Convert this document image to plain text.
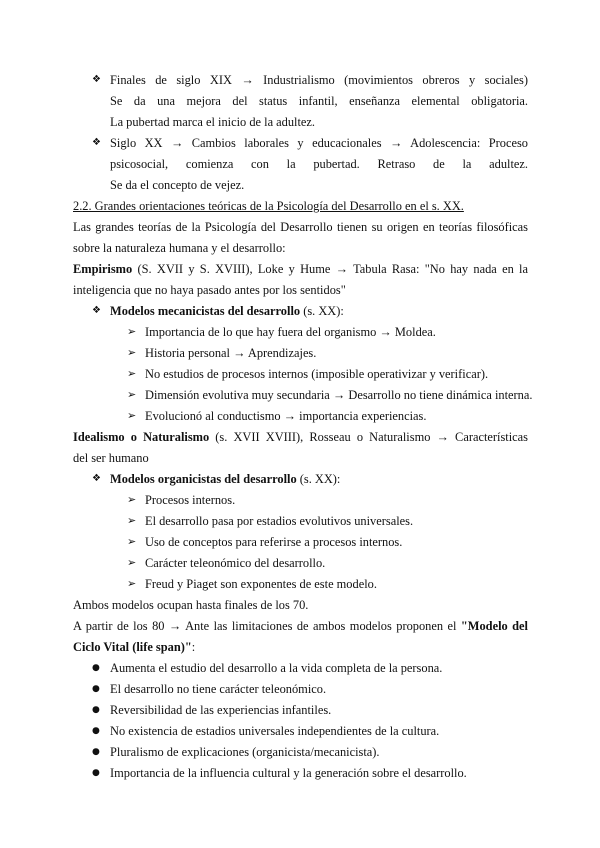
❖ Finales de siglo XIX → Industrialismo (movimientos obreros y sociales)
Se da una mejora del status infantil, enseñanza elemental obligatoria.
La pubertad marca el inicio de la adultez.
❖ Siglo XX → Cambios laborales y educacionales → Adolescencia: Proceso
psicosocial, comienza con la pubertad. Retraso de la adultez.
Se da el concepto de vejez.
2.2. Grandes orientaciones teóricas de la Psicología del Desarrollo en el s. XX.
Las grandes teorías de la Psicología del Desarrollo tienen su origen en teorías filosóficas
sobre la naturaleza humana y el desarrollo:
Empirismo (S. XVII y S. XVIII), Loke y Hume → Tabula Rasa: "No hay nada en la
inteligencia que no haya pasado antes por los sentidos"
❖ Modelos mecanicistas del desarrollo (s. XX):
➢ Importancia de lo que hay fuera del organismo → Moldea.
➢ Historia personal → Aprendizajes.
➢ No estudios de procesos internos (imposible operativizar y verificar).
➢ Dimensión evolutiva muy secundaria → Desarrollo no tiene dinámica interna.
➢ Evolucionó al conductismo → importancia experiencias.
Idealismo o Naturalismo (s. XVII XVIII), Rosseau o Naturalismo → Características
del ser humano
❖ Modelos organicistas del desarrollo (s. XX):
➢ Procesos internos.
➢ El desarrollo pasa por estadios evolutivos universales.
➢ Uso de conceptos para referirse a procesos internos.
➢ Carácter teleonómico del desarrollo.
➢ Freud y Piaget son exponentes de este modelo.
Ambos modelos ocupan hasta finales de los 70.
A partir de los 80 → Ante las limitaciones de ambos modelos proponen el "Modelo del
Ciclo Vital (life span)":
● Aumenta el estudio del desarrollo a la vida completa de la persona.
● El desarrollo no tiene carácter teleonómico.
● Reversibilidad de las experiencias infantiles.
● No existencia de estadios universales independientes de la cultura.
● Pluralismo de explicaciones (organicista/mecanicista).
● Importancia de la influencia cultural y la generación sobre el desarrollo.
